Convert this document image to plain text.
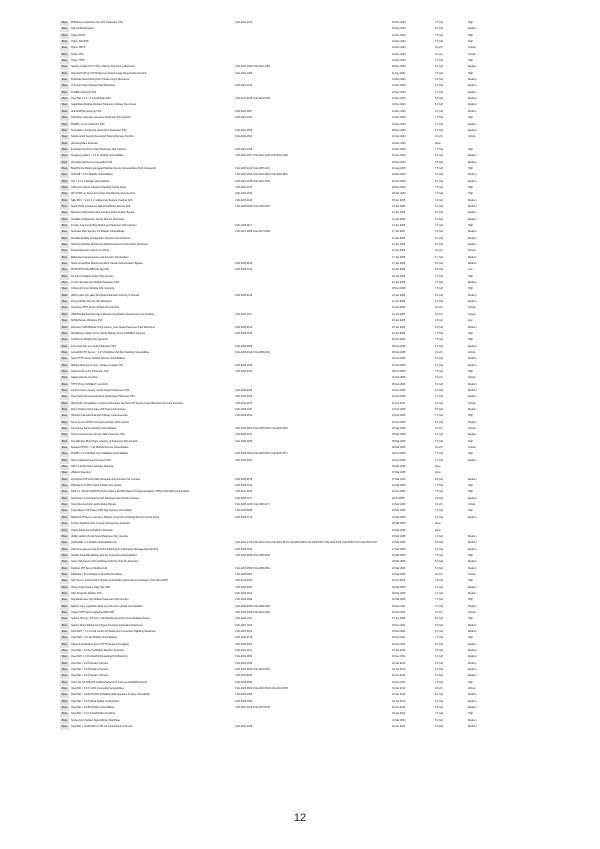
Pass	PHPNews newsfeeder.php 'html' Parameter XSS	CVE-2004-1474	30 Nov 2004	7.5 (v2)	High
Pass	SSL Certificate Expiry	30 Dec 2004	5.0 (v2)	Medium
Pass	Hydra: POP3	01 Dec 2004	7.5 (v2)	High
Pass	Hydra: SOCKS5	01 Dec 2004	7.5 (v2)	High
Pass	Hydra: SMTP	01 Dec 2004	10 (v2)	Critical
Pass	Hydra: VNC	01 Dec 2004	10 (v2)	Critical
Pass	Hydra: HTTP	01 Dec 2004	7.5 (v2)	High
Pass	Apache on Mac OS X HFS+ Arbitrary File Source Disclosure	CVE-2004-1083,CVE-2004-1084	09 Dec 2004	5.0 (v2)	Medium
Pass	ClamAV/TinyProxy HTTP Daemon Search Large Request Remote DoS	CVE-2004-1068	11 Dec 2004	7.8 (v2)	High
Pass	PostNuke Search Encryption Private Forum Disclosure	13 Dec 2004	5.0 (v2)	Medium
Pass	IT-Kernel Policy Manager Path Disclosure	CVE-2004-1222	13 Dec 2004	5.0 (v2)	Medium
Pass	PostBB profile.php XSS	13 Dec 2004	4.3 (v2)	Medium
Pass	OpenSSL 1.0.1 < 1.0.1a Multiple DoS	CVE-2013-0166,CVE-2013-0169	07 Dec 2013	5.0 (v2)	Medium
Pass	SugarSales Multiple Modules Parameter Arbitrary File Access	13 Dec 2004	5.0 (v2)	Medium
Pass	cPanel/WHM getcgi.cgi XSS	CVE-2004-1967	13 Dec 2004	4.3 (v2)	Medium
Pass	ASP Rider verify.asp username Parameter SQL Injection	CVE-2004-1401	13 Dec 2004	7.5 (v2)	High
Pass	PhpBB < 2.0.11 install.php XSS	15 Dec 2004	4.3 (v2)	Medium
Pass	Serendipity compat.php searchTerm Parameter XSS	CVE-2004-2525	08 Dec 2004	4.3 (v2)	Medium
Pass	Samba smbd Security Descriptor Parsing Remote Overflow	CVE-2004-1154	16 Dec 2004	10 (v2)	Critical
Pass	phpGroupWare Detection	16 Dec 2004	None
Pass	Ikonboard functions.pl lang Parameter SQL Injection	CVE-2004-1408	16 Dec 2004	7.5 (v2)	High
Pass	Singapore Gallery < 0.9.11 Multiple Vulnerabilities	CVE-2004-1407,CVE-2004-1408,CVE-2004-1409	16 Dec 2004	6.4 (v2)	Medium
Pass	ArGoSoft Mail Server Unspecified XSS	20 Dec 2004	5.8 (v2)	Medium
Pass	Blog/Html AntiSpam pomegard Multiple Remote Vulnerabilities (DoS, Password)	CVE-2005-2212,CVE-2005-2214	04 Aug 2005	7.5 (v2)	High
Pass	VideoDB < 2.0.0 Multiple Vulnerabilities	CVE-2004-1562,CVE-2004-4820,CVE-2004-4821	20 Dec 2004	4.3 (v2)	Medium
Pass	Ciel < 0.7.0.3 Multiple Vulnerabilities	CVE-2004-1538,CVE-2004-1539	20 Dec 2004	6.4 (v2)	Medium
Pass	GNU/Linux Server Filename Handling Format String	CVE-2004-1073	28 Dec 2004	7.5 (v2)	High
Pass	WU-FTPD ssl_filecount Function File Matching Remote DoS	CVE-2004-0930	20 Mar 2005	7.8 (v2)	High
Pass	SEE, BFC < 9.4.0.4_2 ndaha Array Remote Overflow DoS	CVE-2005-0246	05 Jan 2005	5.0 (v2)	Medium
Pass	Squid NTLM Component fakeauth Multiple Remote DoS	CVE-2005-0096,CVE-2005-0097	13 Jan 2005	5.0 (v2)	Medium
Pass	Macrotec Mail Outlook Web Interface Authentication Bypass	13 Jan 2005	5.0 (v2)	Medium
Pass	NetsMail Configuration Scripts Remote Disclosure	13 Jan 2005	5.0 (v2)	Medium
Pass	Invision Community Blog Module led Parameter SQL Injection	CVE-2005-0117	13 Jan 2005	7.5 (v2)	High
Pass	Sunbelter Web Security 2.0 Multiple Vulnerabilities	CVE-2007-0685,CVE-2007-0690	07 Jan 2007	5.0 (v2)	Medium
Pass	NetsMail Multiple Configuration Files Remote Disclosure	13 Jan 2005	5.0 (v2)	Medium
Pass	Novell GroupWise WebAccess Webchooserecord Information Disclosure	13 Jan 2005	5.0 (v2)	Medium
Pass	Default Password (admin) for Admin	16 Jan 2005	10 (v2)	Critical
Pass	Elaborated resourcesource.asp directory Site Redirect	17 Jan 2005	4.7 (v2)	Medium
Pass	Novell GroupWise WebAccess Error Handler Authentication Bypass	CVE-2005-0296	17 Jan 2005	5.0 (v2)	Medium
Pass	IBTROOHS HAIL:BBCode Tag XSS	CVE-2005-0314	18 Jan 2005	2.6 (v2)	Low
Pass	FN Forum Multiple Scripts SQL Injection	18 Jan 2005	7.5 (v2)	High
Pass	cccvtp mkprofile.php Multiple Parameter XSS	18 Jan 2005	4.3 (v2)	Medium
Pass	Chipmunk Forum Multiple SQL Injections	08 Feb 2005	7.5 (v2)	High
Pass	phPIG index.php gallerThumbnail Parameter Directory Traversal	CVE-2005-0440	24 Jan 2005	5.0 (v2)	Medium
Pass	Pmsy Arbitrary Remote File Disclosure	21 Jan 2005	5.0 (v2)	Medium
Pass	Cherokee HTTP Server Multiple Remote DoS	24 Jan 2005	10 (v2)	Critical
Pass	VERITAS Backup Exec Agent Browser Registration Request Remote Overflow	CVE-2004-1172	24 Jan 2005	10 (v2)	Critical
Pass	SUSE Remote Windows XSS	25 Jan 2005	2.6 (v2)	Low
Pass	Discusser CMS Multiple Script pathrun_ruse variant Parameter Path Disclosure	CVE-2005-0318	25 Jan 2005	5.0 (v2)	Medium
Pass	WebWasher Classic Server Mode Arbitrary Proxy CONNECT Request	CVE-2005-0316	31 Jan 2005	7.5 (v2)	High
Pass	CoolForum Multiple SQL Injections	09 Jan 2004	7.5 (v2)	High
Pass	Kerio login ban ace.config Parameter XSS	CVE-2005-0365	08 Feb 2005	4.3 (v2)	Medium
Pass	ActiveDrift FTP Server < 1.4.7.6 Multiple USA File Handling Vulnerabilities	CVE-2005-0418,CVE-2005-0419	09 Feb 2005	10 (v2)	Critical
Pass	Open HTTP Server Multiple Remote Vulnerabilities	16 Feb 2005	5.0 (v2)	Medium
Pass	Waraba slide Server story_storage template XSS	CVE-2005-1600	07 Feb 2005	4.3 (v2)	Medium
Pass	Fakicinet dir.cgi Dir Parameter XSS	CVE-2005-0443	08 Feb 2005	7.5 (v2)	High
Pass	Nagios Remote Overflow	16 Feb 2005	10 (v2)	Critical
Pass	HTTP Proxy CONNECT Loop DoS	05 Feb 2005	5.0 (v2)	Medium
Pass	socCommerce content_us.php skinpro Parameter XSS	CVE-2005-0449	16 Feb 2005	4.3 (v2)	Medium
Pass	Open Webmail openwebmail.pl logindomain Parameter XSS	CVE-2005-0445	16 Feb 2005	4.3 (v2)	Medium
Pass	MS11-030: Vulnerability in Internet Information Services FTP Service Could Allow Remote Code Execution	CVE-2010-3972	11 Feb 2011	9.3 (v2)	Critical
Pass	Mozy Tracking Checkmate LDP Sources Disclosure	CVE-2005-1461	16 Feb 2005	5.0 (v2)	Medium
Pass	phiterline trial admintrial.php Arbitrary Code Execution	CVE-2005-0512	16 Feb 2005	7.5 (v2)	High
Pass	Novel Server (NNTP) Anonymous Read / Write Access	10 Feb 2005	6.4 (v2)	Medium
Pass	CA License Service Multiple Vulnerabilities	CVE-2005-0581,CVE-2005-0582,CVE-2005-0583	10 Mar 2005	10 (v2)	Critical
Pass	Tiimost cartoons.bpx cart.jsp 'data' Parameter XSS	CVE-2005-0163	08 Mar 2005	4.3 (v2)	Medium
Pass	SoundEngine Blog Plugin category_id Parameter SQL Injection	CVE-2005-0685	08 Mar 2005	7.5 (v2)	High
Pass	ReleaseHTTPD < 1.1b Multiple Remote Vulnerabilities	08 Mar 2005	10 (v2)	Critical
Pass	PunBB < 1.2.2 Multiple Input Validation Vulnerabilities	CVE-2005-0569,CVE-2005-0570,CVE-2005-0571	09 Feb 2005	7.5 (v2)	High
Pass	Harry Unilateral Search Request XSS	CVE-2005-0514	28 Feb 2005	4.3 (v2)	Medium
Pass	SSI Pro Subscription Software Detection	02 Mar 2005	None
Pass	vBulletin Detection	07 Mar 2005	None
Pass	ZeroNews PHP Forth Mail Vulnerable shop Remote File Inclusion	CVE-2005-0678	07 Mar 2005	6.8 (v2)	Medium
Pass	PQHadmin for PHP Hacks Arbitrary File Upload	CVE-2005-0612	01 Mar 2005	7.5 (v2)	High
Pass	RDA 4.1 < Berlin SOHM B (Source Pattern SUSP2) Space Privilege Escalation (HPSA-0316-0801) Vulnerability	CVE-2014-9620	22 Feb 2006	7.5 (v2)	High
Pass	NetFusion comm/uncache path Parameter Remote File Inclusion	CVE-2005-7137	05 Jul 2005	6.8 (v2)	Medium
Pass	OpAL Remote Admin Authorization Bypass	CVE-2005-1128,CVE-1999-0271	10 Mar 2005	10 (v2)	Critical
Pass	CopperExport XP Plug-in PHP SQL Injection Vulnerability	CVE-2005-0698	15 Mar 2005	7.5 (v2)	High
Pass	PlatinumFTPServer username Multiple Connection Handling Remote Format String	CVE-2005-0779	10 Mar 2005	5.0 (v2)	Medium
Pass	Fortinet FortiGate Web Console Management Detection	18 Mar 2005	None
Pass	Oracle Portal Server/Platform Detection	21 Mar 2005	None
Pass	pfallico pallico.php Anchored Parameter SQL Injection	16 Mar 2005	4.3 (v2)	Medium
Pass	punPeeBB < 1.1 Multiple Vulnerabilities (3)	CVE-2004-1719,CVE-2004-1721,CVE-2004-1872,CVE-2005-0335,CVE-2005-0337,CVE-2005-0723,CVE-2005-0724,CVE-2005-0726	15 Mar 2005	6.8 (v2)	Medium
Pass	LDN demo.java.security Function Additional Key Exchange Message Remote DoS	CVE-2005-0814	17 Mar 2005	5.0 (v2)	Medium
Pass	NetWin SurgeMail Multiple Remote Unspecified Vulnerabilities	CVE-2005-0845,CVE-2005-0846	22 Mar 2005	7.5 (v2)	High
Pass	Cisco CSS Secure FTP Certificate Authority (CA) File Detection	18 Mar 2005	5.0 (v2)	Medium
Pass	FilerDeo FTP Server Multiple DoS	CVE-2005-0850,CVE-2005-0851	22 Mar 2005	5.0 (v2)	Medium
Pass	DataGate < B.11 Multiple Unspecified Overflows	CVE-2005-0861	22 Mar 2005	10 (v2)	Critical
Pass	NFV Server: Authentication Bypass Vulnerability python Remote Manager (JGC-LDG-0903)	CVE-2019-9020	22 Oct 2019	7.8 (v2)	High
Pass	Horde Project Frame Page Title XSS	CVE-2005-0961	30 Mar 2005	4.3 (v2)	Medium
Pass	CPG Dragonfly Multiple XSS	CVE-2005-0514	29 Mar 2005	4.3 (v2)	Medium
Pass	Sigmatrad index.php Multiple Parameter SQL Injection	CVE-2005-0992	30 Mar 2005	7.5 (v2)	High
Pass	Apache mod_negotiation Multi-Line Filename Upload Vulnerabilities	CVE-2008-0455,CVE-2008-0456	18 Nov 2011	4.3 (v2)	Medium
Pass	Oracle HTTP Server (Apache) DBA OPS	CVE-2008-0455,CVE-2004-0452	01 Nov 2011	10 (v2)	Critical
Pass	Apache Tomcat < 8.5 Intro. URI Handling Overflow (uncredentialed check)	CVE-2005-1001	07 Jun 2006	9.3 (v2)	High
Pass	Apache Worm Platforms IssTypes Scenarios Information Disclosure	CVE-2007-1614	18 Nov 2011	5.0 (v2)	Medium
Pass	OpenSSH < 7.2.3 Local Local TCP Redirection Connection Hijacking Weakness	CVE-2005-5143	18 Nov 2011	4.6 (v2)	Medium
Pass	OpenSSH < 2.9.1p2 Multiple Vulnerabilities	CVE-2002-0738	18 Nov 2011	7.2 (v2)	High
Pass	Oracle 9i Application Server HTTP Request Smuggling	CVE-2005-2093	18 Nov 2011	5.0 (v2)	Medium
Pass	OpenSSL < 0.9.6e Predictable Random Generator	CVE-2001-1141	04 Jan 2012	5.0 (v2)	Medium
Pass	OpenSSH < 2.3.0 AllowTcpForwarding Port Bouncing	CVE-2004-1653	01 Dec 2011	6.4 (v2)	Medium
Pass	OpenSSL < 0.9.6 Denial of Service	CVE-2002-1568	04 Jan 2012	5.0 (v2)	Medium
Pass	OpenSSL < 0.9.8 Denial of Service	CVE-2003-0543,CVE-2003-0544	04 Jan 2012	5.0 (v2)	Medium
Pass	OpenSSL < 0.9.6 Denial of Service	CVE-2002-6659	04 Jan 2012	5.0 (v2)	Medium
Pass	Cisco Wir OS DHCPv6 Crafted Packet DoS (cisco-sa-20161005-dhcp2)	CVE-2015-6360	22 Nov 2016	7.8 (v2)	High
Pass	OpenSSL < 0.9.7c ASN.1 Decoding Vulnerabilities	CVE-2003-0543,CVE-2003-0544,CVE-2003-0545	04 Jan 2012	10 (v2)	Critical
Pass	OpenSSL < 0.9.8j 9.8j PKCS Padding RSA Signature Forgery Vulnerability	CVE-2006-4339	04 Jan 2012	4.3 (v2)	Medium
Pass	OpenSSL < 0.9.6 Weak Default Configuration	CVE-2005-0286	04 Jan 2012	5.0 (v2)	Medium
Pass	OpenSSL < 0.9.6f Multiple Vulnerabilities	CVE-2007-3108,CVE-2007-5135	04 Jan 2012	6.8 (v2)	Medium
Pass	OpenSSL < 0.9.7 Invalid Buffer Overflows	04 Jan 2012	7.5 (v2)	High
Pass	Simple Form Subject Tags Arbitrary Mail Relay	13 Mar 2004	5.0 (v2)	Medium
Pass	OpenSSL < v6.82.0012 on HP-UX Local Denial of Service	CVE-2007-0038	04 Jan 2012	4.9 (v2)	Medium
12
